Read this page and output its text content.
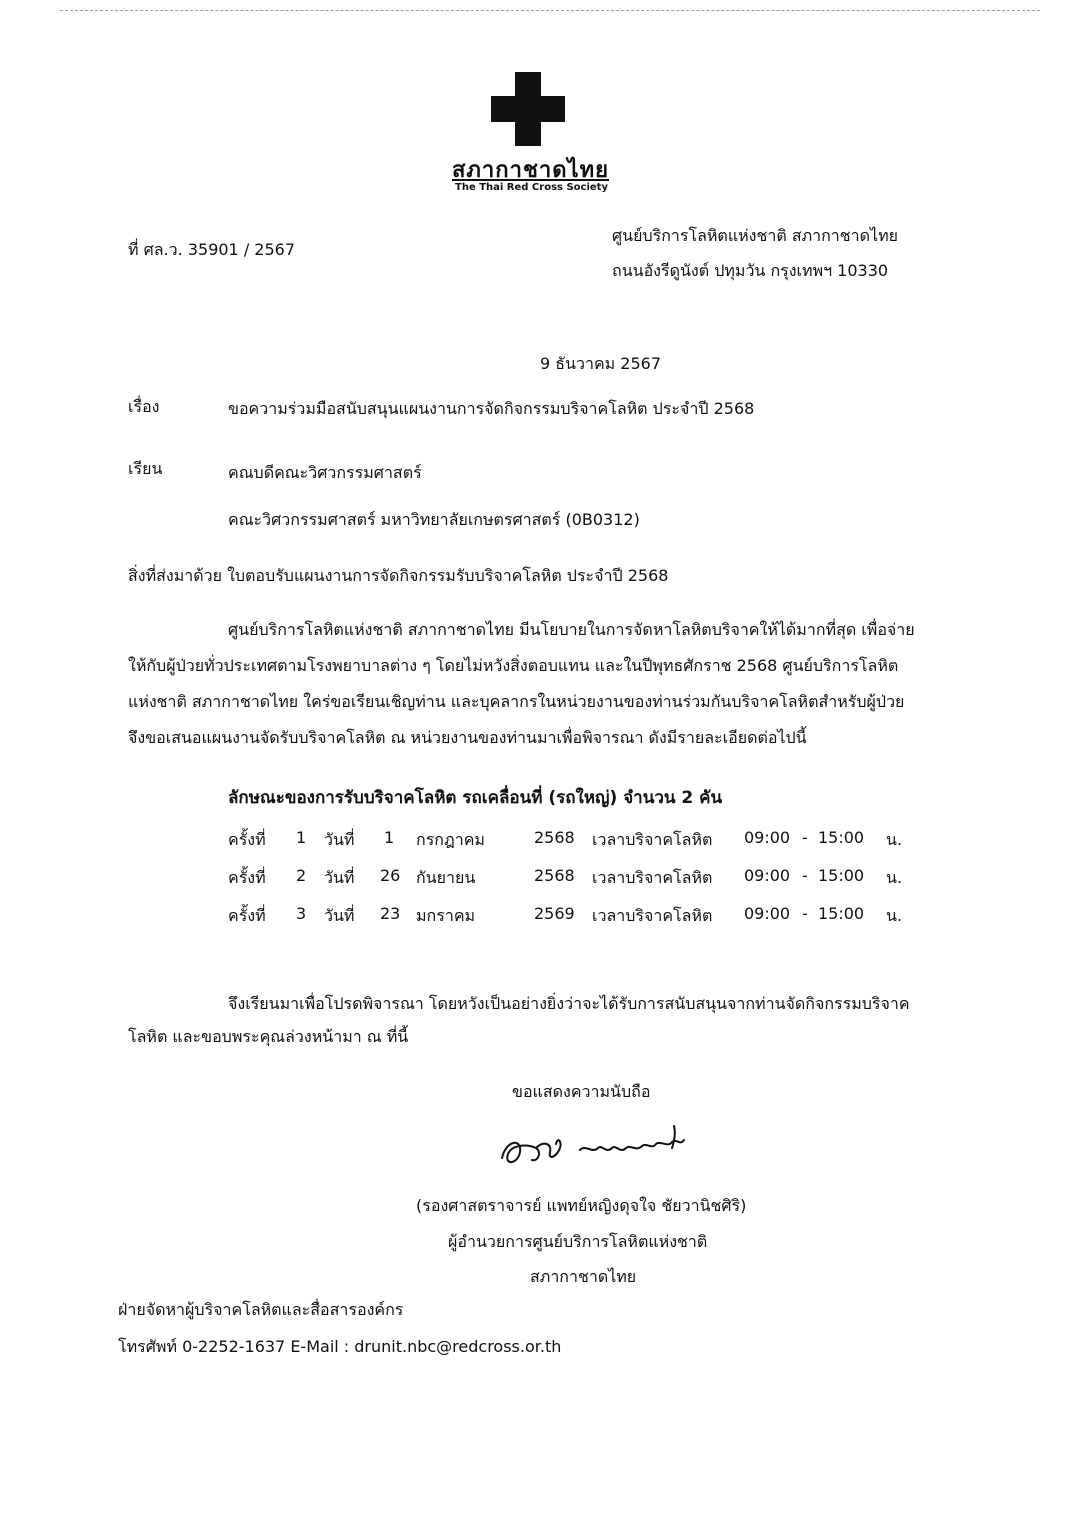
สภากาชาดไทย
The Thai Red Cross Society
ที่ ศล.ว. 35901 / 2567
ศูนย์บริการโลหิตแห่งชาติ สภากาชาดไทย
ถนนอังรีดูนังต์ ปทุมวัน กรุงเทพฯ 10330
9 ธันวาคม 2567
เรื่อง	ขอความร่วมมือสนับสนุนแผนงานการจัดกิจกรรมบริจาคโลหิต ประจำปี 2568
เรียน	คณบดีคณะวิศวกรรมศาสตร์
คณะวิศวกรรมศาสตร์ มหาวิทยาลัยเกษตรศาสตร์ (0B0312)
สิ่งที่ส่งมาด้วย ใบตอบรับแผนงานการจัดกิจกรรมรับบริจาคโลหิต ประจำปี 2568
ศูนย์บริการโลหิตแห่งชาติ สภากาชาดไทย มีนโยบายในการจัดหาโลหิตบริจาคให้ได้มากที่สุด เพื่อจ่าย
ให้กับผู้ป่วยทั่วประเทศตามโรงพยาบาลต่าง ๆ โดยไม่หวังสิ่งตอบแทน และในปีพุทธศักราช 2568 ศูนย์บริการโลหิต
แห่งชาติ สภากาชาดไทย ใคร่ขอเรียนเชิญท่าน และบุคลากรในหน่วยงานของท่านร่วมกันบริจาคโลหิตสำหรับผู้ป่วย
จึงขอเสนอแผนงานจัดรับบริจาคโลหิต ณ หน่วยงานของท่านมาเพื่อพิจารณา ดังมีรายละเอียดต่อไปนี้
ลักษณะของการรับบริจาคโลหิต รถเคลื่อนที่ (รถใหญ่) จำนวน 2 คัน
ครั้งที่ 1 วันที่ 1 กรกฎาคม	2568 เวลาบริจาคโลหิต 09:00 - 15:00 น.
ครั้งที่ 2 วันที่ 26 กันยายน	2568 เวลาบริจาคโลหิต 09:00 - 15:00 น.
ครั้งที่ 3 วันที่ 23 มกราคม	2569 เวลาบริจาคโลหิต 09:00 - 15:00 น.
จึงเรียนมาเพื่อโปรดพิจารณา โดยหวังเป็นอย่างยิ่งว่าจะได้รับการสนับสนุนจากท่านจัดกิจกรรมบริจาค
โลหิต และขอบพระคุณล่วงหน้ามา ณ ที่นี้
ขอแสดงความนับถือ
(รองศาสตราจารย์ แพทย์หญิงดุจใจ ชัยวานิชศิริ)
ผู้อำนวยการศูนย์บริการโลหิตแห่งชาติ
สภากาชาดไทย
ฝ่ายจัดหาผู้บริจาคโลหิตและสื่อสารองค์กร
โทรศัพท์ 0-2252-1637 E-Mail : drunit.nbc@redcross.or.th
